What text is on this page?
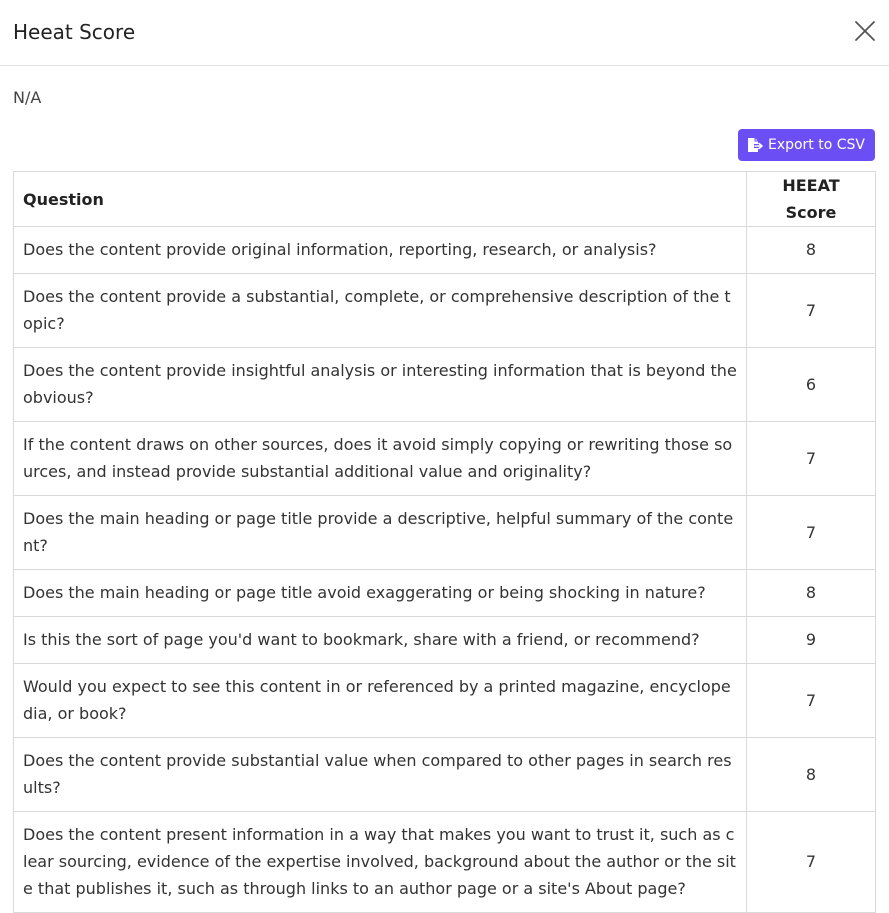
Heeat Score
N/A
Export to CSV
Question	HEEAT Score
Does the content provide original information, reporting, research, or analysis?	8
Does the content provide a substantial, complete, or comprehensive description of the topic?	7
Does the content provide insightful analysis or interesting information that is beyond the obvious?	6
If the content draws on other sources, does it avoid simply copying or rewriting those sources, and instead provide substantial additional value and originality?	7
Does the main heading or page title provide a descriptive, helpful summary of the content?	7
Does the main heading or page title avoid exaggerating or being shocking in nature?	8
Is this the sort of page you'd want to bookmark, share with a friend, or recommend?	9
Would you expect to see this content in or referenced by a printed magazine, encyclopedia, or book?	7
Does the content provide substantial value when compared to other pages in search results?	8
Does the content present information in a way that makes you want to trust it, such as clear sourcing, evidence of the expertise involved, background about the author or the site that publishes it, such as through links to an author page or a site's About page?	7
